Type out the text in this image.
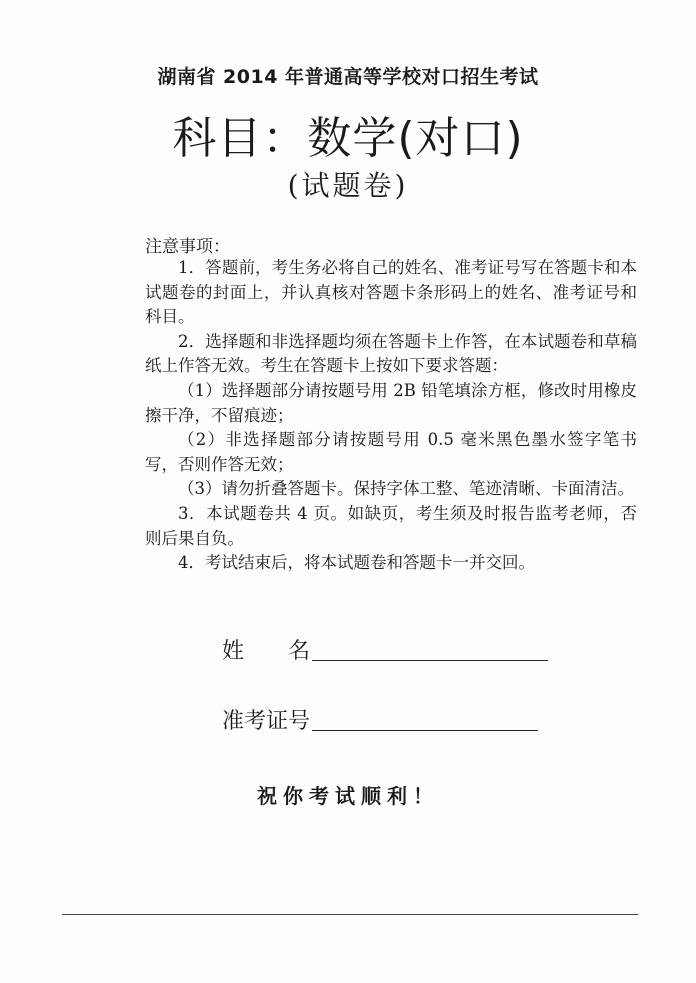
湖南省 2014 年普通高等学校对口招生考试
科目：数学(对口)
(试题卷)
注意事项：

1．答题前，考生务必将自己的姓名、准考证号写在答题卡和本试题卷的封面上，并认真核对答题卡条形码上的姓名、准考证号和科目。

2．选择题和非选择题均须在答题卡上作答，在本试题卷和草稿纸上作答无效。考生在答题卡上按如下要求答题：

（1）选择题部分请按题号用 2B 铅笔填涂方框，修改时用橡皮擦干净，不留痕迹；

（2）非选择题部分请按题号用 0.5 毫米黑色墨水签字笔书写，否则作答无效；

（3）请勿折叠答题卡。保持字体工整、笔迹清晰、卡面清洁。

3．本试题卷共 4 页。如缺页，考生须及时报告监考老师，否则后果自负。

4．考试结束后，将本试题卷和答题卡一并交回。

姓　　名
准考证号
祝你考试顺利！
